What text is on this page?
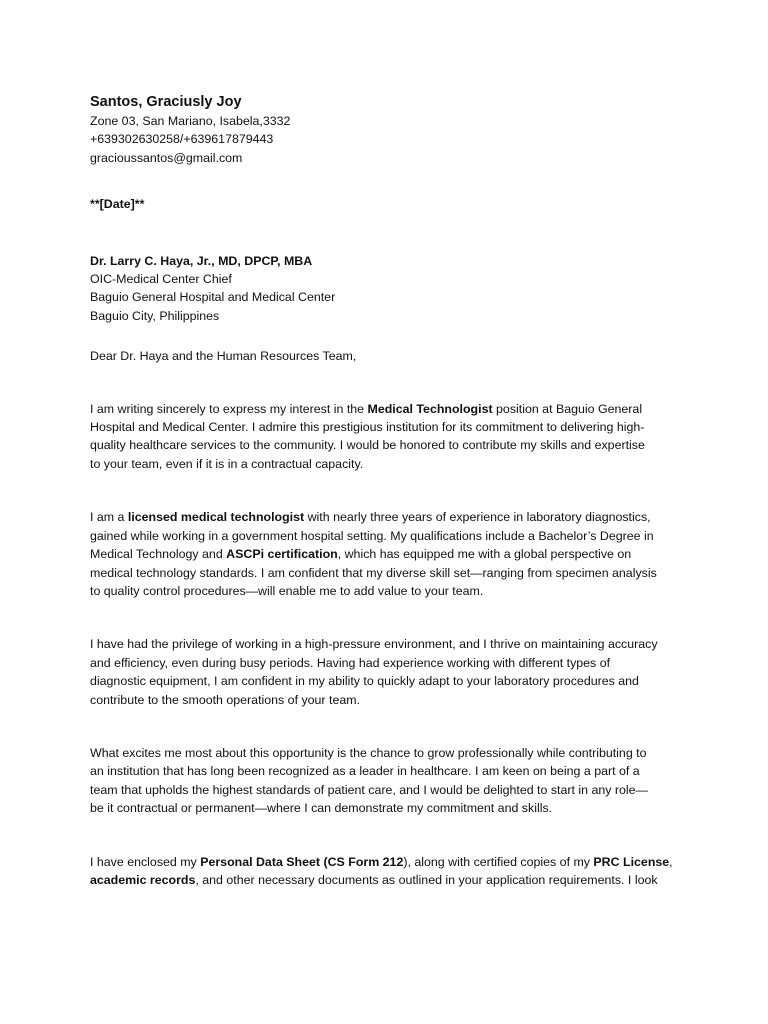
Santos, Graciusly Joy
Zone 03, San Mariano, Isabela,3332
+639302630258/+639617879443
gracioussantos@gmail.com
**[Date]**
Dr. Larry C. Haya, Jr., MD, DPCP, MBA
OIC-Medical Center Chief
Baguio General Hospital and Medical Center
Baguio City, Philippines
Dear Dr. Haya and the Human Resources Team,
I am writing sincerely to express my interest in the Medical Technologist position at Baguio General
Hospital and Medical Center. I admire this prestigious institution for its commitment to delivering high-
quality healthcare services to the community. I would be honored to contribute my skills and expertise
to your team, even if it is in a contractual capacity.
I am a licensed medical technologist with nearly three years of experience in laboratory diagnostics,
gained while working in a government hospital setting. My qualifications include a Bachelor’s Degree in
Medical Technology and ASCPi certification, which has equipped me with a global perspective on
medical technology standards. I am confident that my diverse skill set—ranging from specimen analysis
to quality control procedures—will enable me to add value to your team.
I have had the privilege of working in a high-pressure environment, and I thrive on maintaining accuracy
and efficiency, even during busy periods. Having had experience working with different types of
diagnostic equipment, I am confident in my ability to quickly adapt to your laboratory procedures and
contribute to the smooth operations of your team.
What excites me most about this opportunity is the chance to grow professionally while contributing to
an institution that has long been recognized as a leader in healthcare. I am keen on being a part of a
team that upholds the highest standards of patient care, and I would be delighted to start in any role—
be it contractual or permanent—where I can demonstrate my commitment and skills.
I have enclosed my Personal Data Sheet (CS Form 212), along with certified copies of my PRC License,
academic records, and other necessary documents as outlined in your application requirements. I look
